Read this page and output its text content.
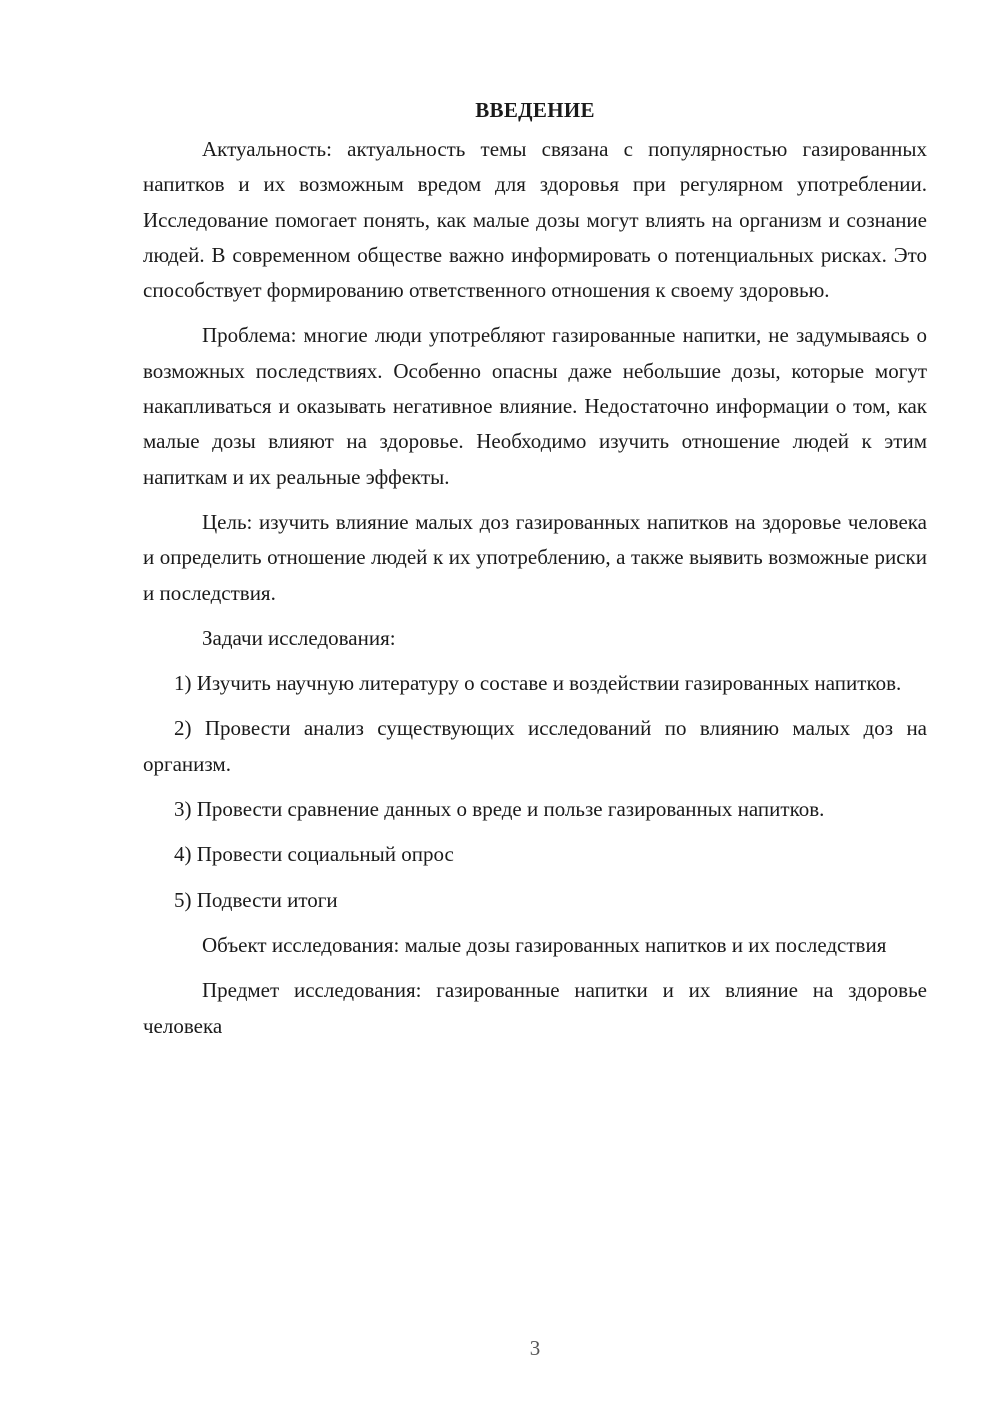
ВВЕДЕНИЕ

Актуальность: актуальность темы связана с популярностью газированных напитков и их возможным вредом для здоровья при регулярном употреблении. Исследование помогает понять, как малые дозы могут влиять на организм и сознание людей. В современном обществе важно информировать о потенциальных рисках. Это способствует формированию ответственного отношения к своему здоровью.

Проблема: многие люди употребляют газированные напитки, не задумываясь о возможных последствиях. Особенно опасны даже небольшие дозы, которые могут накапливаться и оказывать негативное влияние. Недостаточно информации о том, как малые дозы влияют на здоровье. Необходимо изучить отношение людей к этим напиткам и их реальные эффекты.

Цель: изучить влияние малых доз газированных напитков на здоровье человека и определить отношение людей к их употреблению, а также выявить возможные риски и последствия.

Задачи исследования:

1) Изучить научную литературу о составе и воздействии газированных напитков.

2) Провести анализ существующих исследований по влиянию малых доз на организм.

3) Провести сравнение данных о вреде и пользе газированных напитков.

4) Провести социальный опрос

5) Подвести итоги

Объект исследования: малые дозы газированных напитков и их последствия

Предмет исследования: газированные напитки и их влияние на здоровье человека

3
